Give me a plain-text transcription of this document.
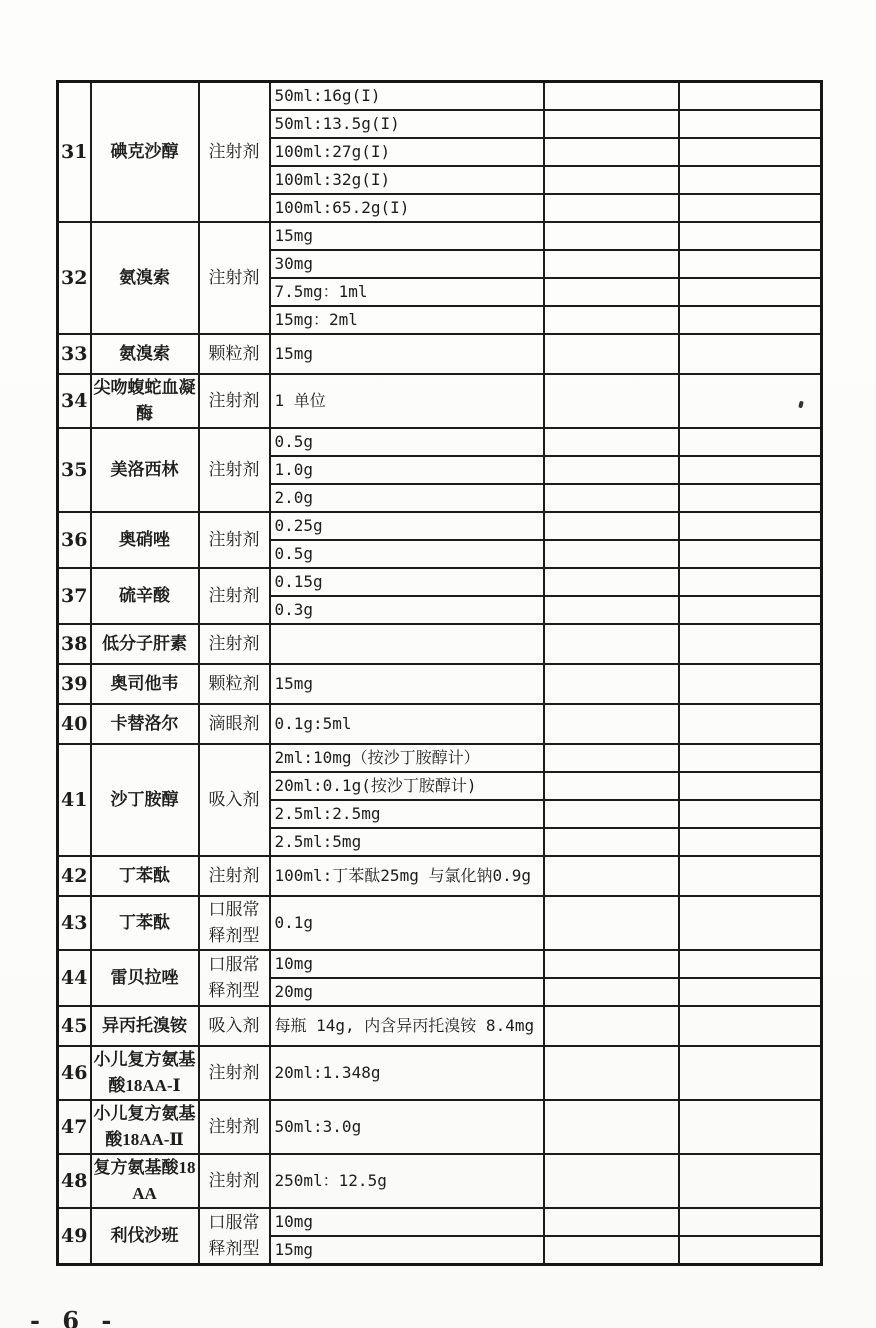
31	碘克沙醇	注射剂	50ml:16g(I)		
			50ml:13.5g(I)		
			100ml:27g(I)		
			100ml:32g(I)		
			100ml:65.2g(I)		
32	氨溴索	注射剂	15mg		
			30mg		
			7.5mg：1ml		
			15mg：2ml		
33	氨溴索	颗粒剂	15mg		
34	尖吻蝮蛇血凝酶	注射剂	1 单位		
35	美洛西林	注射剂	0.5g		
			1.0g		
			2.0g		
36	奥硝唑	注射剂	0.25g		
			0.5g		
37	硫辛酸	注射剂	0.15g		
			0.3g		
38	低分子肝素	注射剂			
39	奥司他韦	颗粒剂	15mg		
40	卡替洛尔	滴眼剂	0.1g:5ml		
41	沙丁胺醇	吸入剂	2ml:10mg（按沙丁胺醇计）		
			20ml:0.1g(按沙丁胺醇计)		
			2.5ml:2.5mg		
			2.5ml:5mg		
42	丁苯酞	注射剂	100ml:丁苯酞25mg 与氯化钠0.9g		
43	丁苯酞	口服常释剂型	0.1g		
44	雷贝拉唑	口服常释剂型	10mg		
			20mg		
45	异丙托溴铵	吸入剂	每瓶 14g, 内含异丙托溴铵 8.4mg		
46	小儿复方氨基酸18AA-Ⅰ	注射剂	20ml:1.348g		
47	小儿复方氨基酸18AA-Ⅱ	注射剂	50ml:3.0g		
48	复方氨基酸18AA	注射剂	250ml：12.5g		
49	利伐沙班	口服常释剂型	10mg		
			15mg		
- 6 -
